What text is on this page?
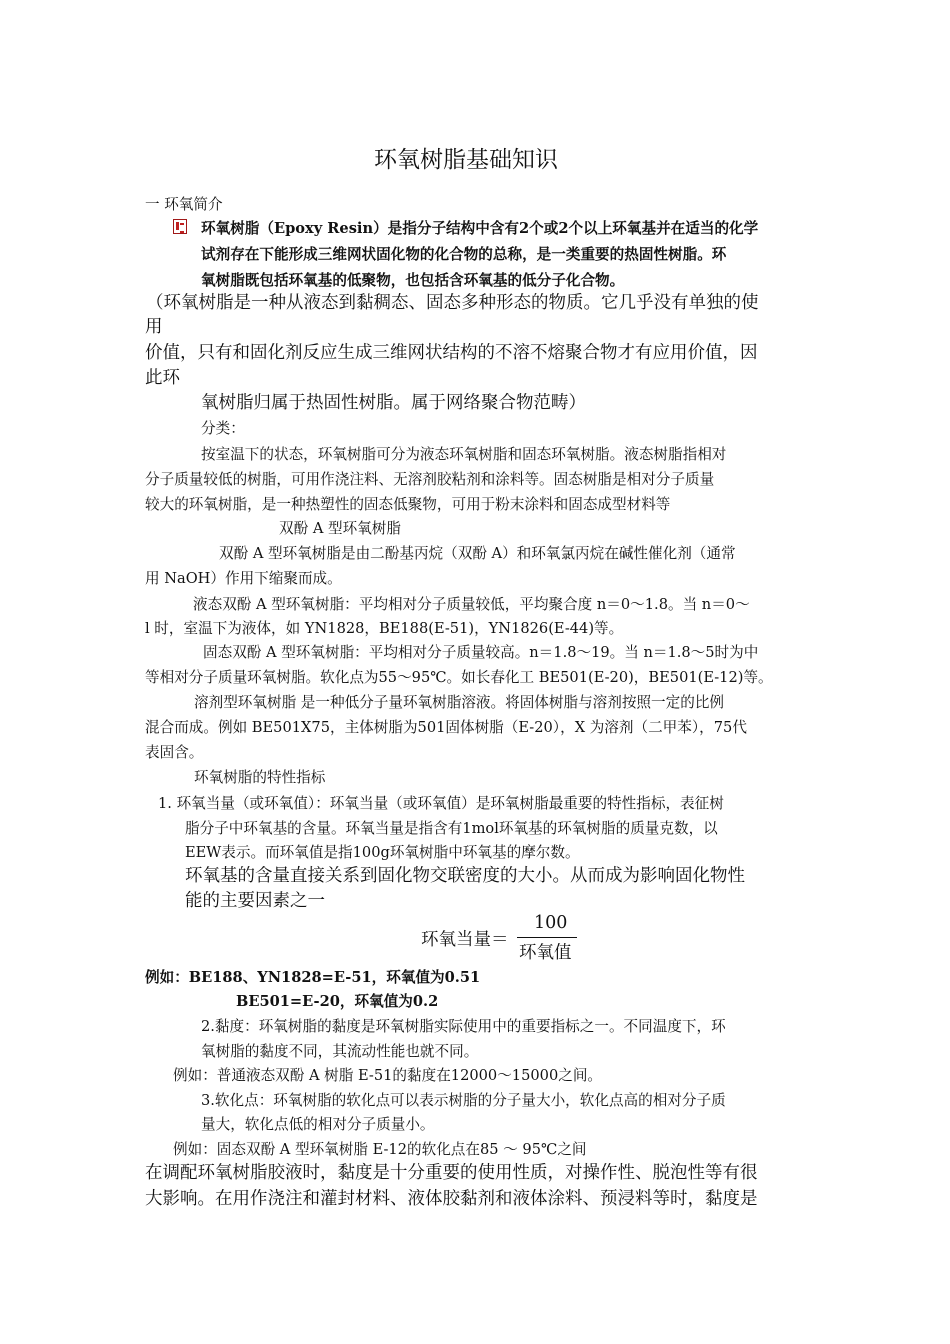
环氧树脂基础知识
一 环氧简介
环氧树脂（Epoxy Resin）是指分子结构中含有2个或2个以上环氧基并在适当的化学
试剂存在下能形成三维网状固化物的化合物的总称，是一类重要的热固性树脂。环
氧树脂既包括环氧基的低聚物，也包括含环氧基的低分子化合物。
（环氧树脂是一种从液态到黏稠态、固态多种形态的物质。它几乎没有单独的使
用
价值，只有和固化剂反应生成三维网状结构的不溶不熔聚合物才有应用价值，因
此环
氧树脂归属于热固性树脂。属于网络聚合物范畴）
分类：
按室温下的状态，环氧树脂可分为液态环氧树脂和固态环氧树脂。液态树脂指相对
分子质量较低的树脂，可用作浇注料、无溶剂胶粘剂和涂料等。固态树脂是相对分子质量
较大的环氧树脂，是一种热塑性的固态低聚物，可用于粉末涂料和固态成型材料等
双酚 A 型环氧树脂
双酚 A 型环氧树脂是由二酚基丙烷（双酚 A）和环氧氯丙烷在碱性催化剂（通常
用 NaOH）作用下缩聚而成。
液态双酚 A 型环氧树脂：平均相对分子质量较低，平均聚合度 n＝0～1.8。当 n＝0～
l 时，室温下为液体，如 YN1828，BE188(E-51)，YN1826(E-44)等。
固态双酚 A 型环氧树脂：平均相对分子质量较高。n＝1.8～19。当 n＝1.8～5时为中
等相对分子质量环氧树脂。软化点为55～95℃。如长春化工 BE501(E-20)，BE501(E-12)等。
溶剂型环氧树脂 是一种低分子量环氧树脂溶液。将固体树脂与溶剂按照一定的比例
混合而成。例如 BE501X75，主体树脂为501固体树脂（E-20），X 为溶剂（二甲苯），75代
表固含。
环氧树脂的特性指标
1. 环氧当量（或环氧值）：环氧当量（或环氧值）是环氧树脂最重要的特性指标，表征树
脂分子中环氧基的含量。环氧当量是指含有1mol环氧基的环氧树脂的质量克数，以
EEW表示。而环氧值是指100g环氧树脂中环氧基的摩尔数。
环氧基的含量直接关系到固化物交联密度的大小。从而成为影响固化物性
能的主要因素之一
环氧当量＝
100
环氧值
例如：BE188、YN1828=E-51，环氧值为0.51
BE501=E-20，环氧值为0.2
2.黏度：环氧树脂的黏度是环氧树脂实际使用中的重要指标之一。不同温度下，环
氧树脂的黏度不同，其流动性能也就不同。
例如：普通液态双酚 A 树脂 E-51的黏度在12000～15000之间。
3.软化点：环氧树脂的软化点可以表示树脂的分子量大小，软化点高的相对分子质
量大，软化点低的相对分子质量小。
例如：固态双酚 A 型环氧树脂 E-12的软化点在85 ～ 95℃之间
在调配环氧树脂胶液时，黏度是十分重要的使用性质，对操作性、脱泡性等有很
大影响。在用作浇注和灌封材料、液体胶黏剂和液体涂料、预浸料等时，黏度是
